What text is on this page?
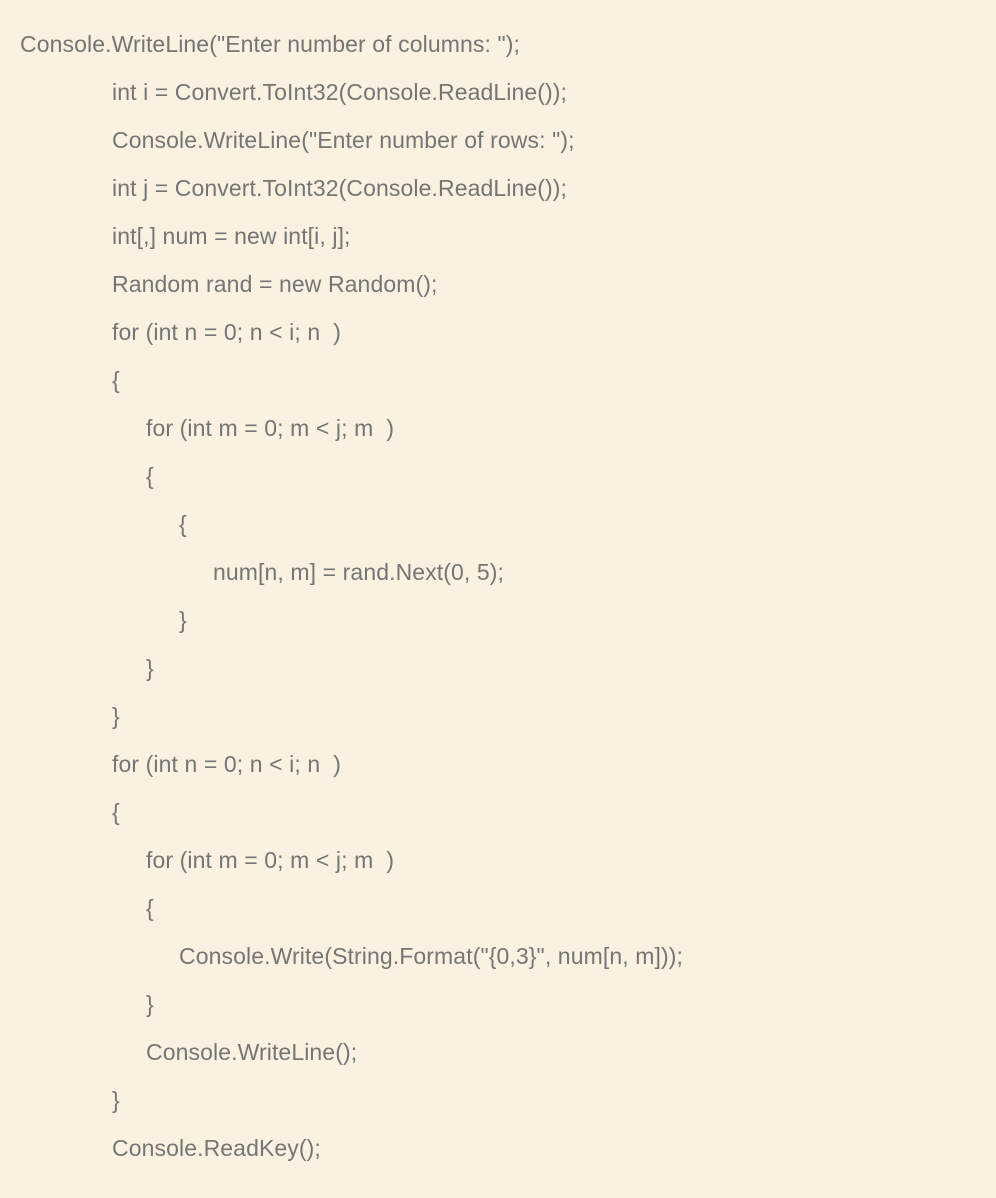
Console.WriteLine("Enter number of columns: ");
int i = Convert.ToInt32(Console.ReadLine());
Console.WriteLine("Enter number of rows: ");
int j = Convert.ToInt32(Console.ReadLine());
int[,] num = new int[i, j];
Random rand = new Random();
for (int n = 0; n < i; n  )
{
for (int m = 0; m < j; m  )
{
{
num[n, m] = rand.Next(0, 5);
}
}
}
for (int n = 0; n < i; n  )
{
for (int m = 0; m < j; m  )
{
Console.Write(String.Format("{0,3}", num[n, m]));
}
Console.WriteLine();
}
Console.ReadKey();
